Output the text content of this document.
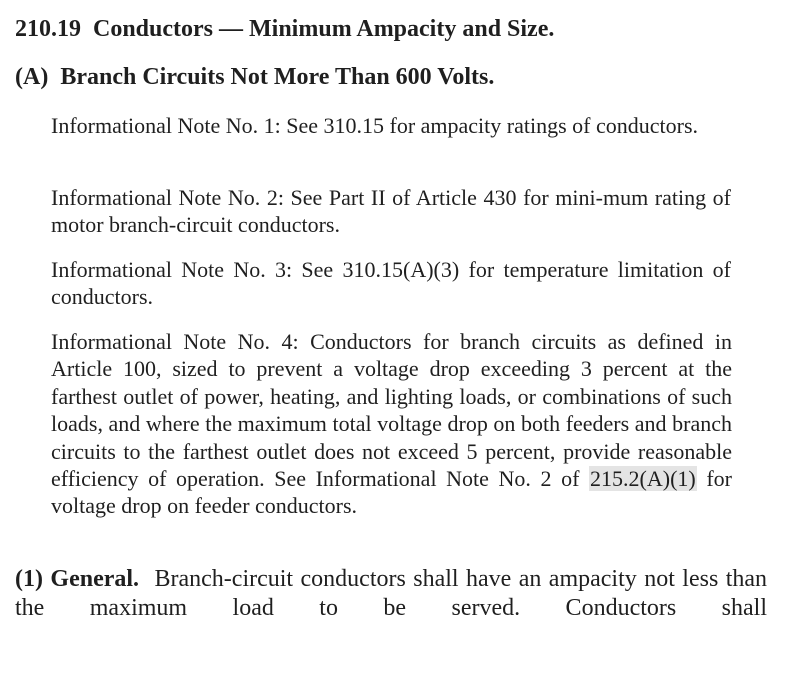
210.19 Conductors — Minimum Ampacity and Size.
(A) Branch Circuits Not More Than 600 Volts.
Informational Note No. 1: See 310.15 for ampacity ratings of conductors.
Informational Note No. 2: See Part II of Article 430 for mini-mum rating of motor branch-circuit conductors.
Informational Note No. 3: See 310.15(A)(3) for temperature limitation of conductors.
Informational Note No. 4: Conductors for branch circuits as defined in Article 100, sized to prevent a voltage drop exceeding 3 percent at the farthest outlet of power, heating, and lighting loads, or combinations of such loads, and where the maximum total voltage drop on both feeders and branch circuits to the farthest outlet does not exceed 5 percent, provide reasonable efficiency of operation. See Informational Note No. 2 of 215.2(A)(1) for voltage drop on feeder conductors.
(1) General. Branch-circuit conductors shall have an ampacity not less than the maximum load to be served. Conductors shall
